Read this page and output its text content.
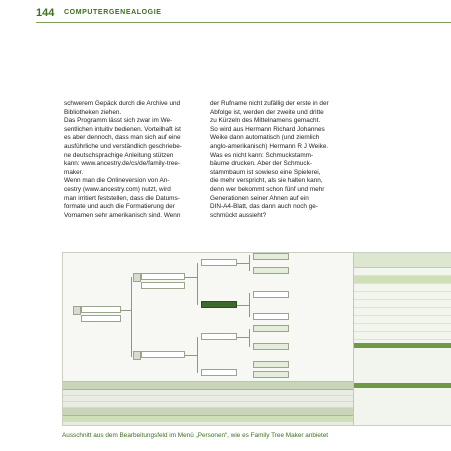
144 COMPUTERGENEALOGIE

schwerem Gepäck durch die Archive und
Bibliotheken ziehen.
Das Programm lässt sich zwar im We-
sentlichen intuitiv bedienen. Vorteilhaft ist
es aber dennoch, dass man sich auf eine
ausführliche und verständlich geschriebe-
ne deutschsprachige Anleitung stützen
kann: www.ancestry.de/cs/de/family-tree-
maker.
Wenn man die Onlineversion von An-
cestry (www.ancestry.com) nutzt, wird
man irritiert feststellen, dass die Datums-
formate und auch die Formatierung der
Vornamen sehr amerikanisch sind. Wenn

der Rufname nicht zufällig der erste in der
Abfolge ist, werden der zweite und dritte
zu Kürzeln des Mittelnamens gemacht.
So wird aus Hermann Richard Johannes
Weike dann automatisch (und ziemlich
anglo-amerikanisch) Hermann R J Weike.
Was es nicht kann: Schmuckstamm-
bäume drucken. Aber der Schmuck-
stammbaum ist sowieso eine Spielerei,
die mehr verspricht, als sie halten kann,
denn wer bekommt schon fünf und mehr
Generationen seiner Ahnen auf ein
DIN-A4-Blatt, das dann auch noch ge-
schmückt aussieht?

Ausschnitt aus dem Bearbeitungsfeld im Menü „Personen“, wie es Family Tree Maker anbietet
